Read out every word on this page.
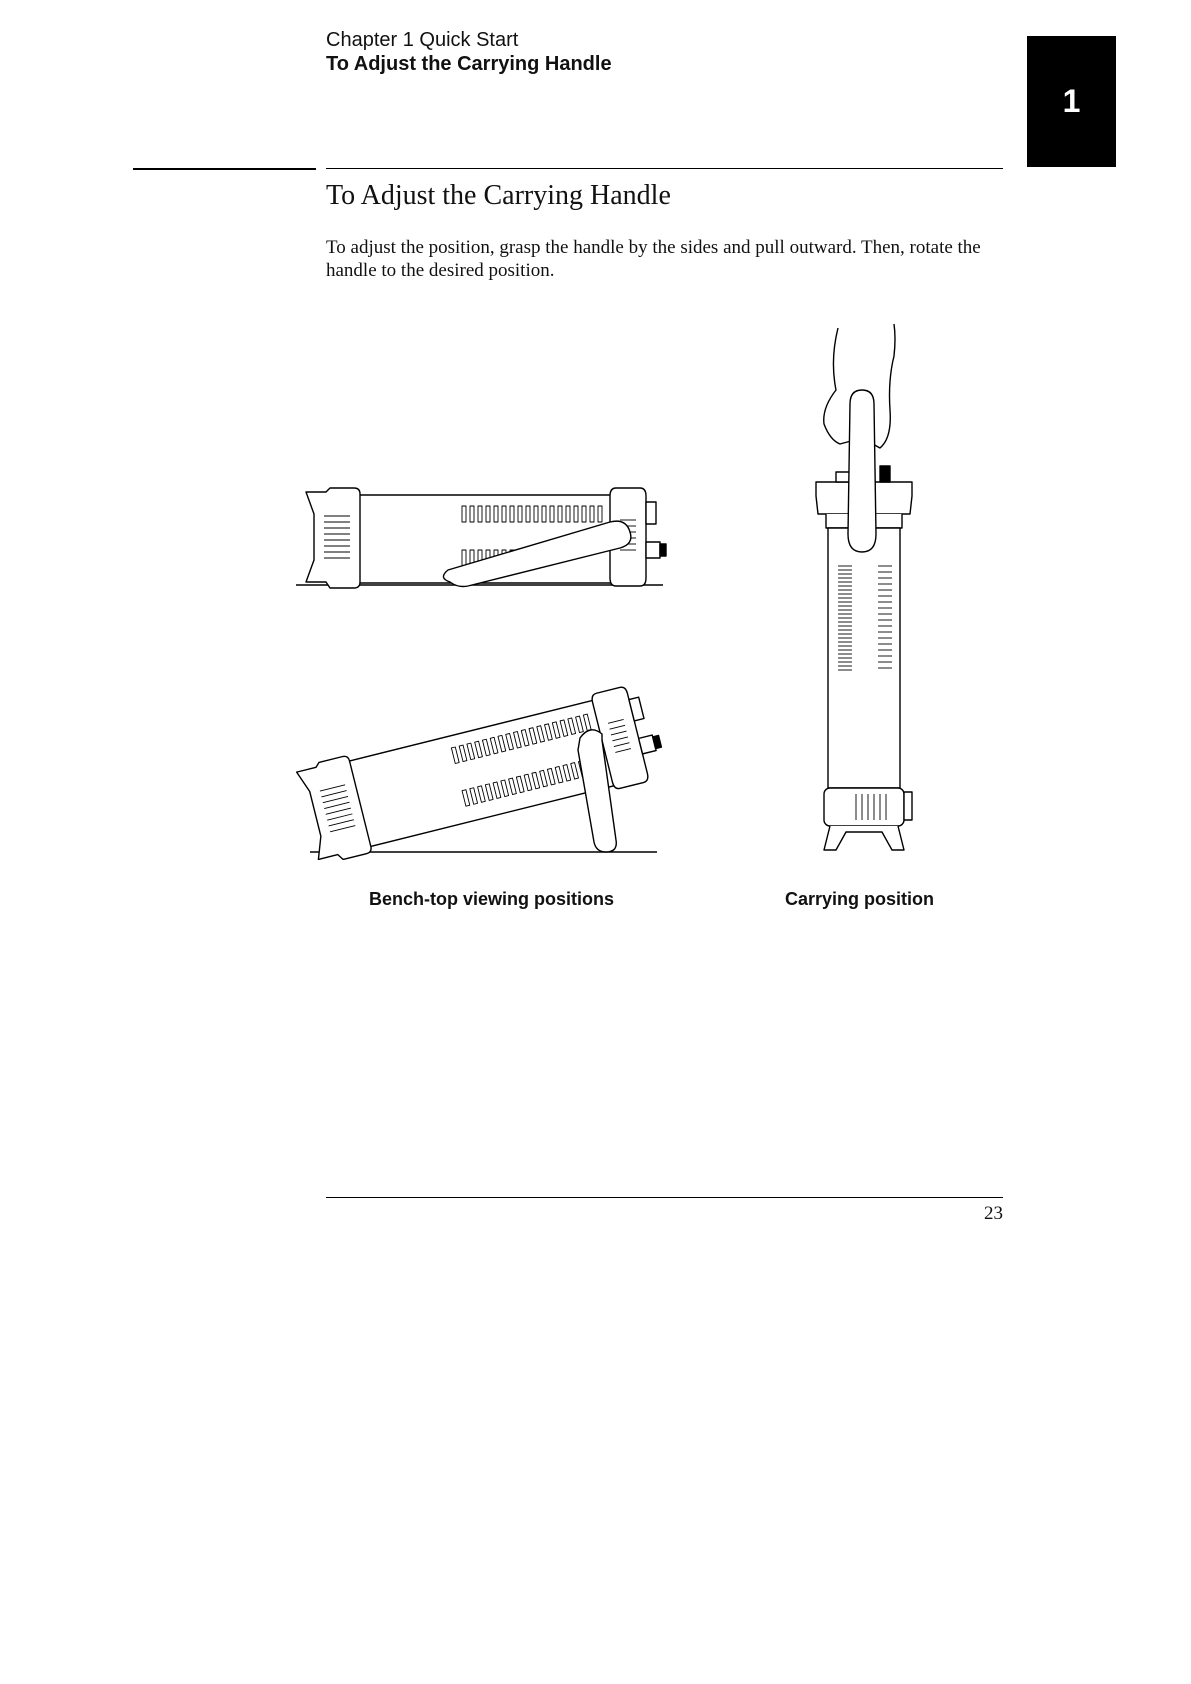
Chapter 1 Quick Start
To Adjust the Carrying Handle
1
To Adjust the Carrying Handle
To adjust the position, grasp the handle by the sides and pull outward. Then, rotate the handle to the desired position.
Bench-top viewing positions	Carrying position
23
